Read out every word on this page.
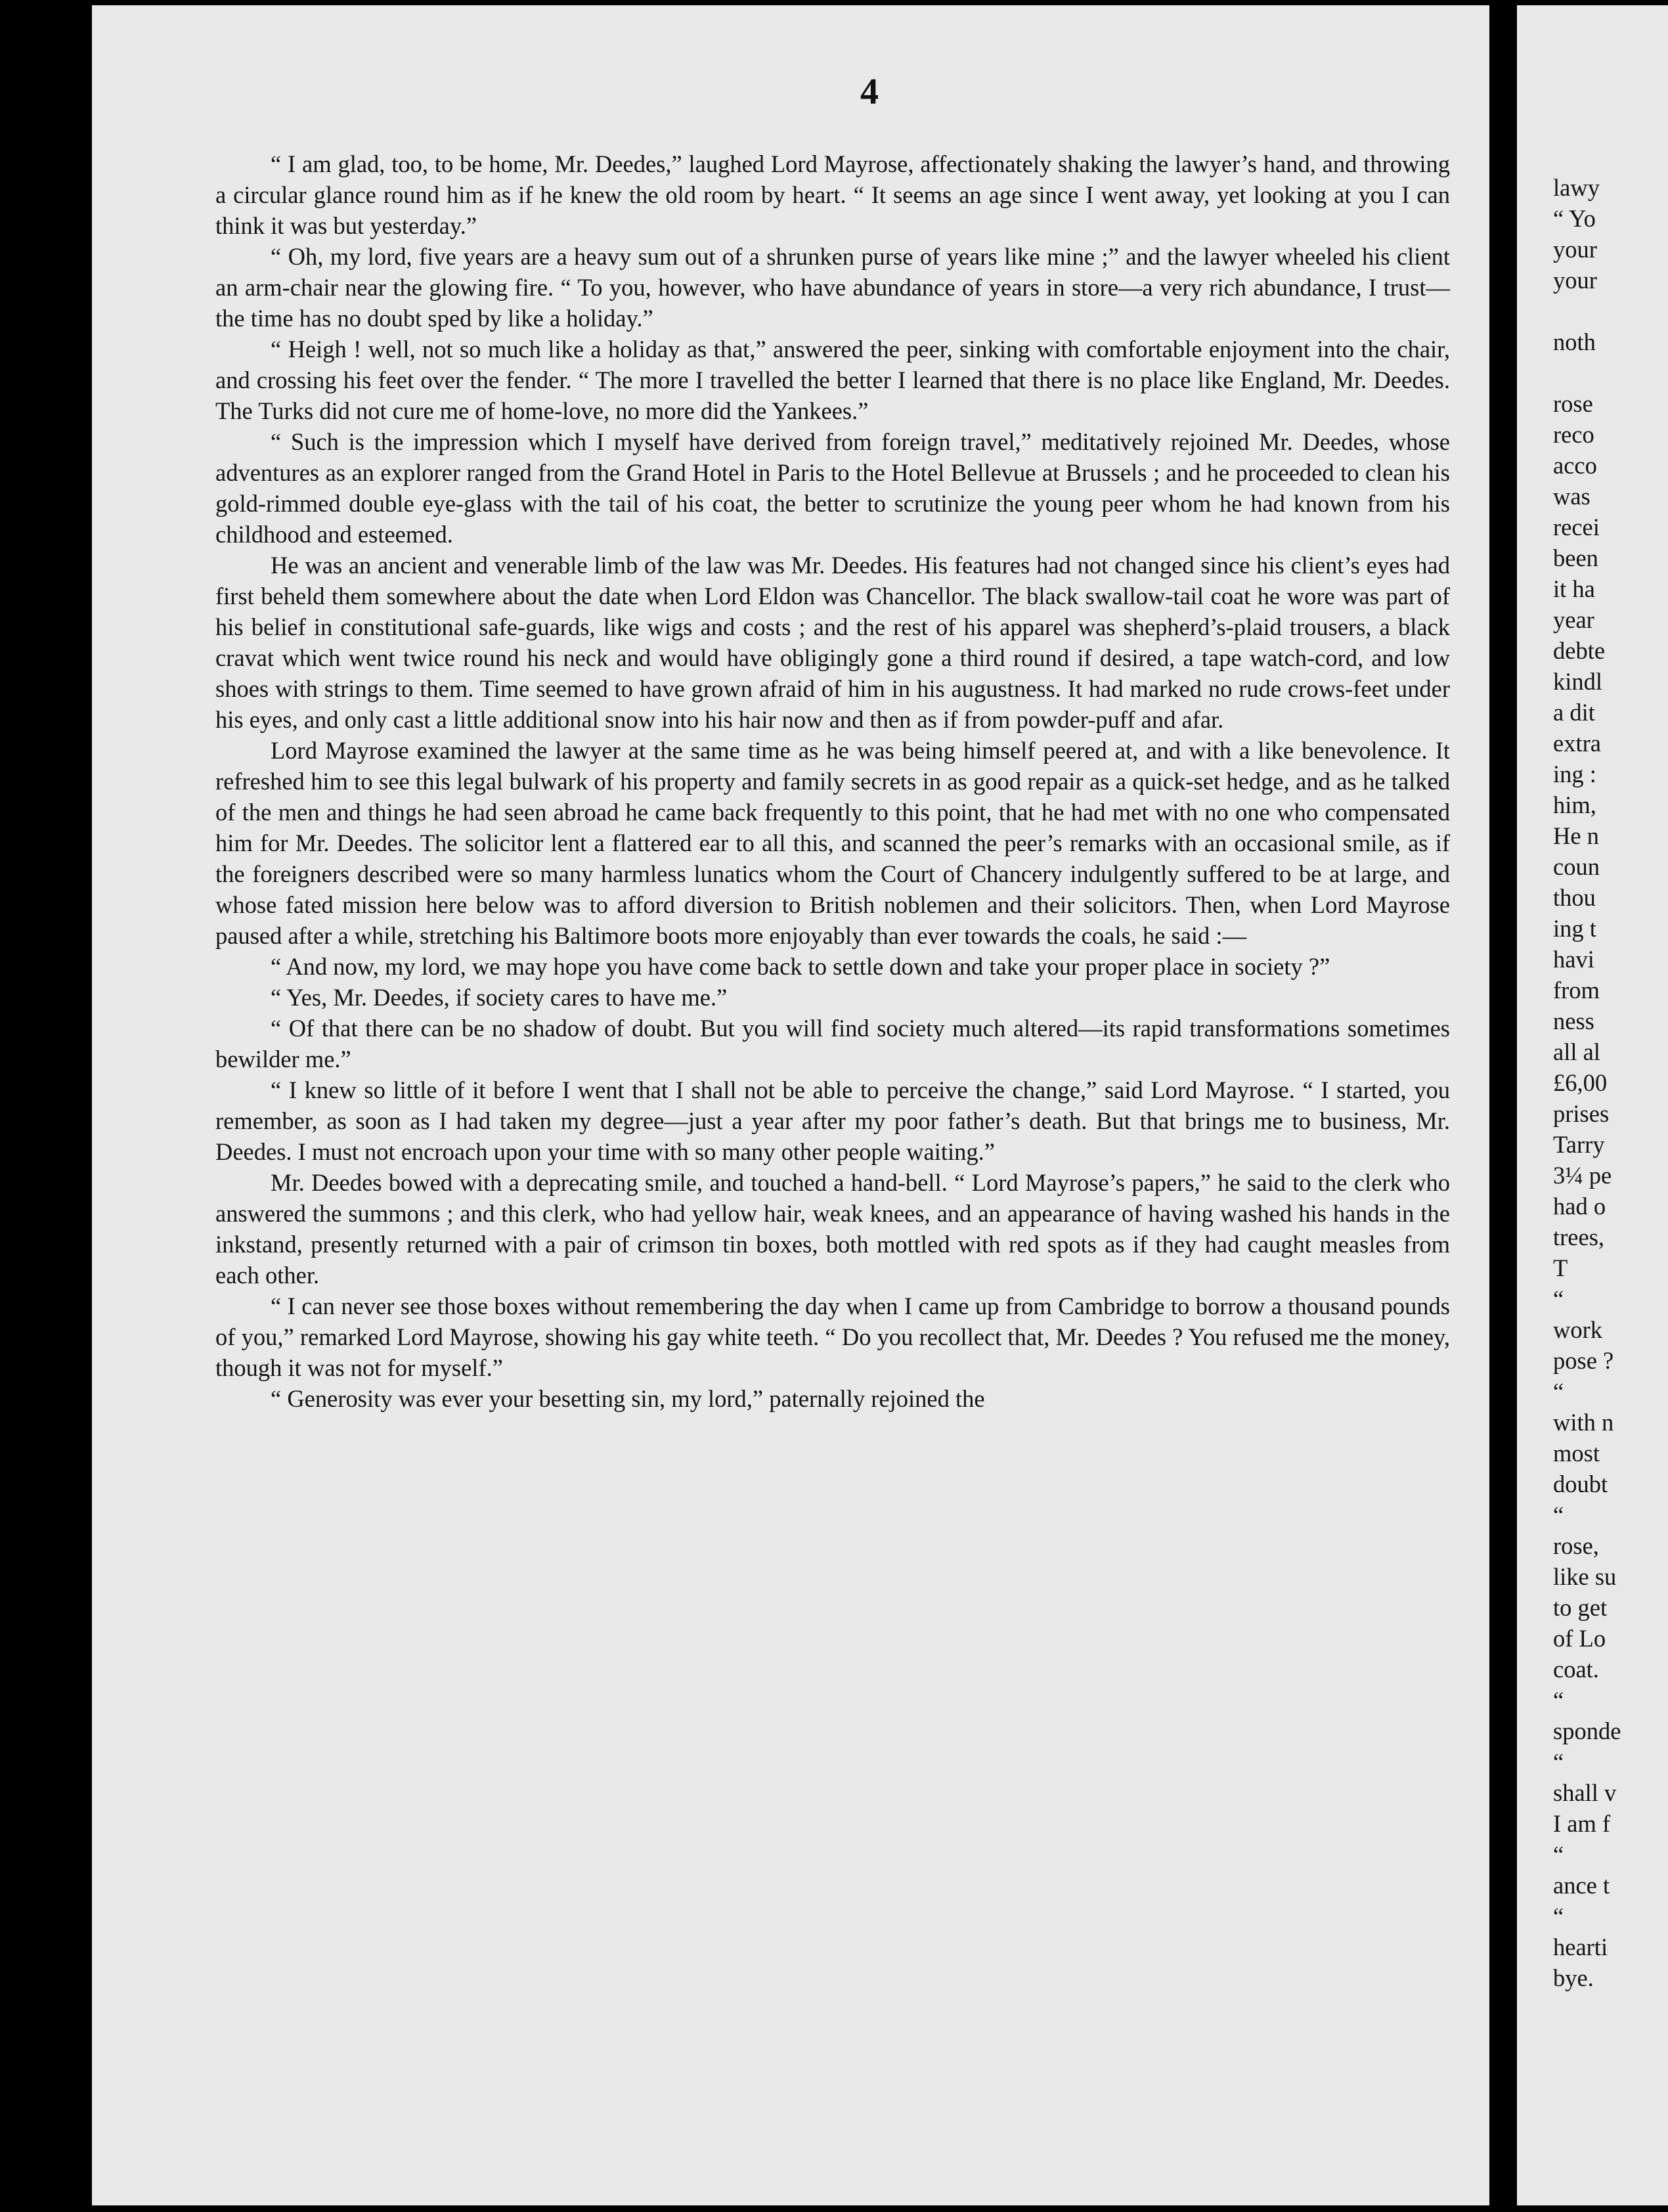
4

“ I am glad, too, to be home, Mr. Deedes,” laughed Lord Mayrose, affectionately shaking the lawyer’s hand, and throwing a circular glance round him as if he knew the old room by heart. “ It seems an age since I went away, yet looking at you I can think it was but yesterday.”

“ Oh, my lord, five years are a heavy sum out of a shrunken purse of years like mine ;” and the lawyer wheeled his client an arm-chair near the glowing fire. “ To you, however, who have abundance of years in store—a very rich abundance, I trust—the time has no doubt sped by like a holiday.”

“ Heigh ! well, not so much like a holiday as that,” answered the peer, sinking with comfortable enjoyment into the chair, and crossing his feet over the fender. “ The more I travelled the better I learned that there is no place like England, Mr. Deedes. The Turks did not cure me of home-love, no more did the Yankees.”

“ Such is the impression which I myself have derived from foreign travel,” meditatively rejoined Mr. Deedes, whose adventures as an explorer ranged from the Grand Hotel in Paris to the Hotel Bellevue at Brussels ; and he proceeded to clean his gold-rimmed double eye-glass with the tail of his coat, the better to scrutinize the young peer whom he had known from his childhood and esteemed.

He was an ancient and venerable limb of the law was Mr. Deedes. His features had not changed since his client’s eyes had first beheld them somewhere about the date when Lord Eldon was Chancellor. The black swallow-tail coat he wore was part of his belief in constitutional safe-guards, like wigs and costs ; and the rest of his apparel was shepherd’s-plaid trousers, a black cravat which went twice round his neck and would have obligingly gone a third round if desired, a tape watch-cord, and low shoes with strings to them. Time seemed to have grown afraid of him in his augustness. It had marked no rude crows-feet under his eyes, and only cast a little additional snow into his hair now and then as if from powder-puff and afar.

Lord Mayrose examined the lawyer at the same time as he was being himself peered at, and with a like benevolence. It refreshed him to see this legal bulwark of his property and family secrets in as good repair as a quick-set hedge, and as he talked of the men and things he had seen abroad he came back frequently to this point, that he had met with no one who compensated him for Mr. Deedes. The solicitor lent a flattered ear to all this, and scanned the peer’s remarks with an occasional smile, as if the foreigners described were so many harmless lunatics whom the Court of Chancery indulgently suffered to be at large, and whose fated mission here below was to afford diversion to British noblemen and their solicitors. Then, when Lord Mayrose paused after a while, stretching his Baltimore boots more enjoyably than ever towards the coals, he said :—

“ And now, my lord, we may hope you have come back to settle down and take your proper place in society ?”

“ Yes, Mr. Deedes, if society cares to have me.”

“ Of that there can be no shadow of doubt. But you will find society much altered—its rapid transformations sometimes bewilder me.”

“ I knew so little of it before I went that I shall not be able to perceive the change,” said Lord Mayrose. “ I started, you remember, as soon as I had taken my degree—just a year after my poor father’s death. But that brings me to business, Mr. Deedes. I must not encroach upon your time with so many other people waiting.”

Mr. Deedes bowed with a deprecating smile, and touched a hand-bell. “ Lord Mayrose’s papers,” he said to the clerk who answered the summons ; and this clerk, who had yellow hair, weak knees, and an appearance of having washed his hands in the inkstand, presently returned with a pair of crimson tin boxes, both mottled with red spots as if they had caught measles from each other.

“ I can never see those boxes without remembering the day when I came up from Cambridge to borrow a thousand pounds of you,” remarked Lord Mayrose, showing his gay white teeth. “ Do you recollect that, Mr. Deedes ? You refused me the money, though it was not for myself.”

“ Generosity was ever your besetting sin, my lord,” paternally rejoined the

lawy
“ Yo
your
your
noth
rose
reco
acco
was
recei
been
it ha
year
debte
kindl
a dit
extra
ing :
him,
He n
coun
thou
ing t
havi
from
ness
all al
£6,00
prises
Tarry
3¼ pe
had o
trees,
T
“
work
pose ?
“
with n
most
doubt
“
rose,
like su
to get
of Lo
coat.
“
sponde
“
shall v
I am f
“
ance t
“
hearti
bye.
